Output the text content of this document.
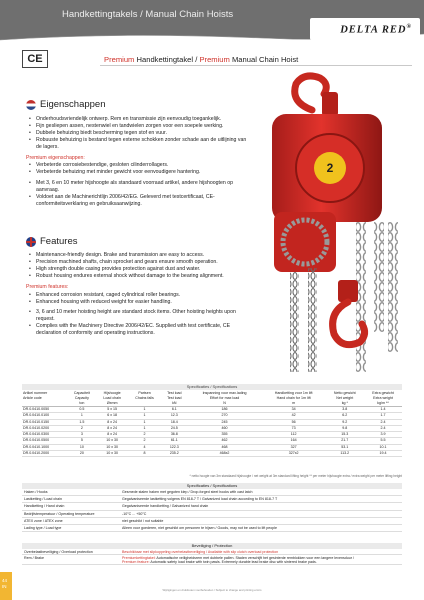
Handkettingtakels / Manual Chain Hoists
DELTA RED®
CE	Premium Handkettingtakel / Premium Manual Chain Hoist
Eigenschappen
• Onderhoudsvriendelijk ontwerp. Rem en transmissie zijn eenvoudig toegankelijk.
• Fijn gesliepen assen, nestenwiel en tandwielen zorgen voor een soepele werking.
• Dubbele behuizing biedt bescherming tegen stof en vuur.
• Robuuste behuizing is bestand tegen externe schokken zonder schade aan de uitlijning van de lagers.
Premium eigenschappen:
• Verbeterde corrosiebestendige, gesloten cilinderrollagers.
• Verbeterde behuizing met minder gewicht voor eenvoudigere hantering.
• Met 3, 6 en 10 meter hijshoogte als standaard voorraad artikel, andere hijshoogten op aanvraag.
• Voldoet aan de Machinerichtlijn 2006/42/EG. Geleverd met testcertificaat, CE-conformiteitsverklaring en gebruiksaanwijzing.
Features
• Maintenance-friendly design. Brake and transmission are easy to access.
• Precision machined shafts, chain sprocket and gears ensure smooth operation.
• High strength double casing provides protection against dust and water.
• Robust housing endures external shock without damage to the bearing alignment.
Premium features:
• Enhanced corrosion resistant, caged cylindrical roller bearings.
• Enhanced housing with reduced weight for easier handling.
• 3, 6 and 10 meter hoisting height are standard stock items. Other hoisting heights upon request.
• Complies with the Machinery Directive 2006/42/EC. Supplied with test certificate, CE declaration of conformity and operating instructions.
2
Specificaties / Specifications
Artikel nummer	Capaciteit	Hijshoogte	Partsen	Test load	Inspanning voor max.lading	Handketting voor 1m lift	Netto gewicht	Extra gewicht
Article code	Capacity	Load chain	Chains falls	Test load	Effort for max load	Hand chain for 1m lift	Net weight	Extra weight
	ton	Øxmm		kN	N	m	kg *	kg/m **
DR.0.0410.0050	0.5	5 x 15	1	6.1	186	34	3.8	1.4
DR.0.0410.0100	1	6 x 18	1	12.3	270	42	6.2	1.7
DR.0.0410.0150	1.5	8 x 24	1	18.4	245	56	9.2	2.4
DR.0.0410.0200	2	8 x 24	1	24.5	460	73	9.8	2.4
DR.0.0410.0300	3	8 x 24	2	36.8	355	112	15.3	3.9
DR.0.0410.0500	5	10 x 30	2	61.1	462	164	21.7	5.5
DR.0.0410.1000	10	10 x 30	4	122.3	468	327	53.1	10.1
DR.0.0410.2000	20	10 x 30	8	235.2	468x2	327x2	113.2	19.4
* netto hoogte van 3m standaard hijshoogte / net weight at 3m standard lifting height ** per meter hijshoogte extra / extra weight per meter lifting height
Specificaties / Specifications
Haken / Hooks	Gesmede stalen haken met gegoten klep / Drop-forged steel hooks with cast latch
Lastketting / Load chain	Gegalvaniseerde lastketting volgens EN 818-7 T / Galvanized load chain according to EN 818-7 T
Handketting / Hand chain	Gegalvaniseerde handketting / Galvanized hand chain
Bedrijfstemperatuur / Operating temperature	-10°C ... +50°C
ATEX zone / ATEX zone	niet geschikt / not suitable
Lading type / Load type	Alleen voor goederen, niet geschikt om personen te hijsen / Goods, may not be used to lift people
Beveiliging / Protection
Overbelastbeveiliging / Overload protection	Beschikbaar met slipkoppeling overbelastbeveiliging / Available with slip clutch overload protection
Rem / Brake	Premiumkettingtakel: Automatische veiligheidsrem met dubbele pallen. Staden verschijft het gesinterde remblokken voor een langere levensduur /
Premium feature: Automatic safety load brake with twin pawls. Extremely durable lead brake disc with sintered brake pads.
Wijzigingen en drukfouten voorbehouden / Subject to change and printing errors
44
IN
